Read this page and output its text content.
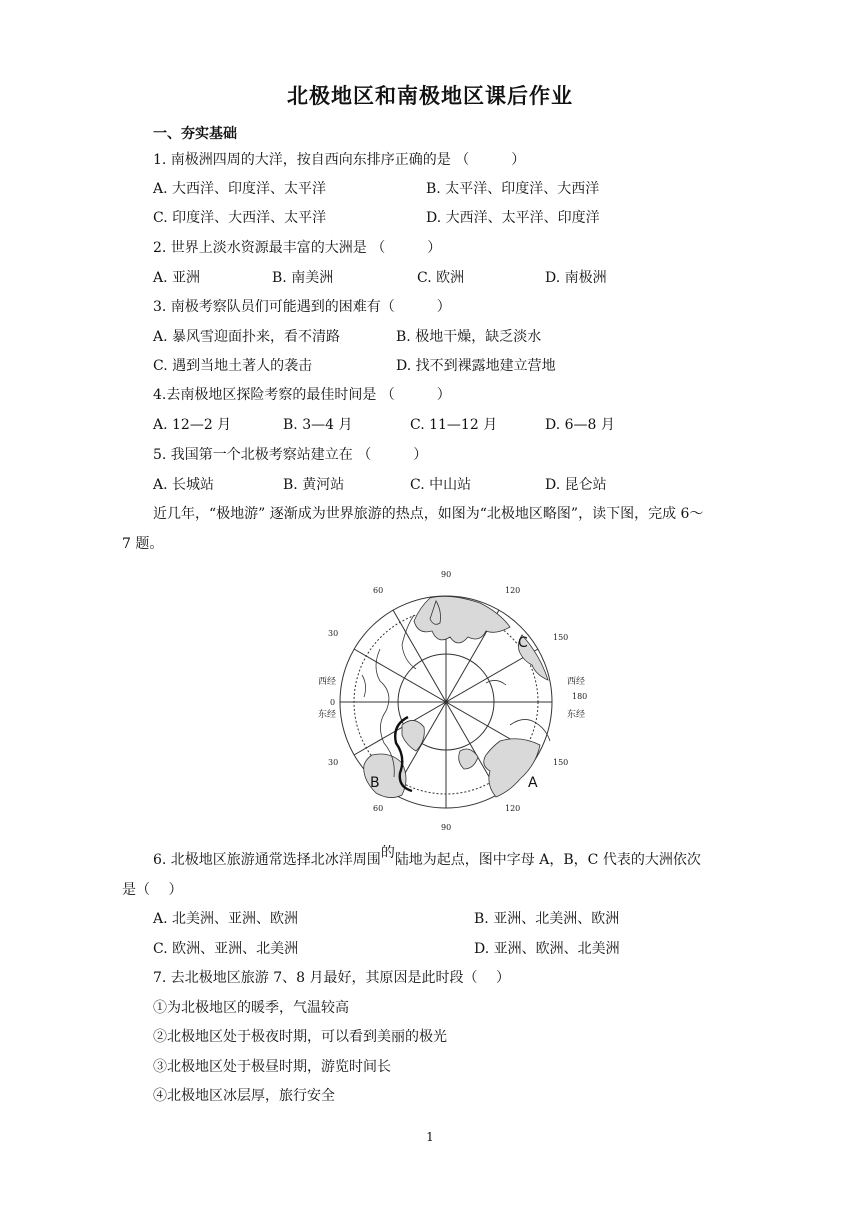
北极地区和南极地区课后作业
一、夯实基础
1. 南极洲四周的大洋，按自西向东排序正确的是 （　　　）
A. 大西洋、印度洋、太平洋	B. 太平洋、印度洋、大西洋
C. 印度洋、大西洋、太平洋	D. 大西洋、太平洋、印度洋
2. 世界上淡水资源最丰富的大洲是 （　　　）
A. 亚洲	B. 南美洲	C. 欧洲	D. 南极洲
3. 南极考察队员们可能遇到的困难有（　　　）
A. 暴风雪迎面扑来，看不清路	B. 极地干燥，缺乏淡水
C. 遇到当地土著人的袭击	D. 找不到裸露地建立营地
4.去南极地区探险考察的最佳时间是 （　　　）
A. 12—2 月	B. 3—4 月	C. 11—12 月	D. 6—8 月
5. 我国第一个北极考察站建立在 （　　　）
A. 长城站	B. 黄河站	C. 中山站	D. 昆仑站
近几年，“极地游” 逐渐成为世界旅游的热点，如图为“北极地区略图”，读下图，完成 6～
7 题。
90
120
150
180
150
120
90
60
30
0
30
60
西经
东经
西经
东经
A
B
C
6. 北极地区旅游通常选择北冰洋周围的陆地为起点，图中字母 A，B，C 代表的大洲依次
是（　 ）
A. 北美洲、亚洲、欧洲	B. 亚洲、北美洲、欧洲
C. 欧洲、亚洲、北美洲	D. 亚洲、欧洲、北美洲
7. 去北极地区旅游 7、8 月最好，其原因是此时段（　 ）
①为北极地区的暖季，气温较高
②北极地区处于极夜时期，可以看到美丽的极光
③北极地区处于极昼时期，游览时间长
④北极地区冰层厚，旅行安全
1
